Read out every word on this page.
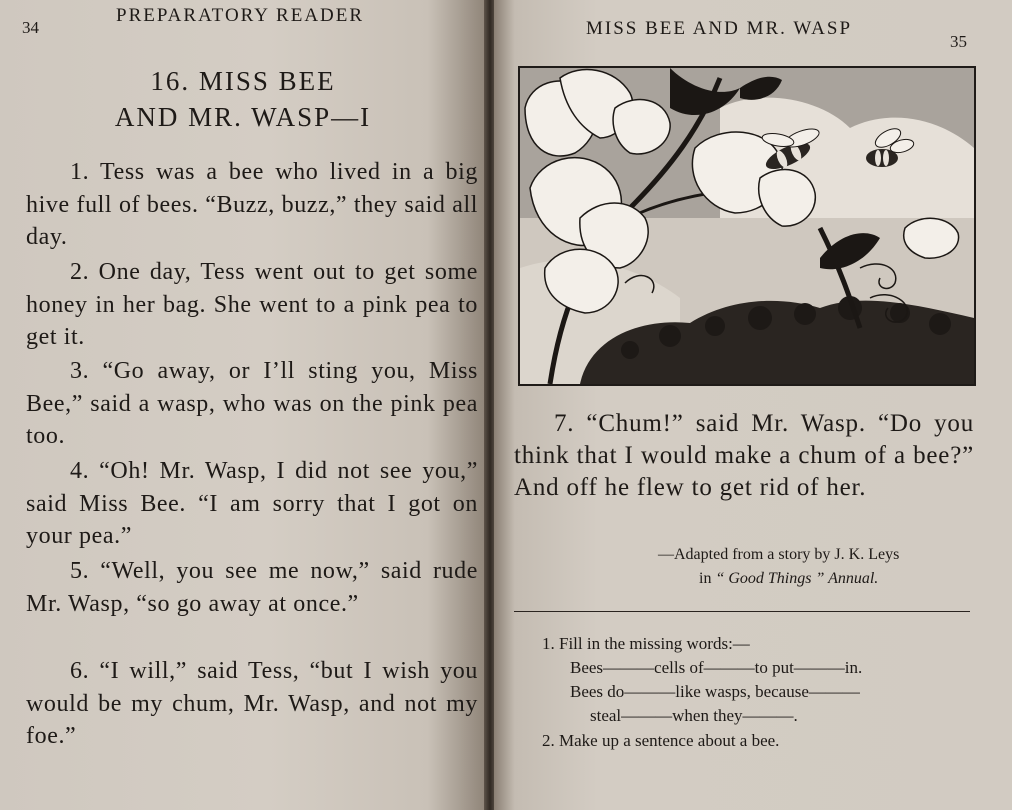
34
PREPARATORY READER
16. MISS BEE
AND MR. WASP—I
1. Tess was a bee who lived in a big hive full of bees. “Buzz, buzz,” they said all day.
2. One day, Tess went out to get some honey in her bag. She went to a pink pea to get it.
3. “Go away, or I’ll sting you, Miss Bee,” said a wasp, who was on the pink pea too.
4. “Oh! Mr. Wasp, I did not see you,” said Miss Bee. “I am sorry that I got on your pea.”
5. “Well, you see me now,” said rude Mr. Wasp, “so go away at once.”
6. “I will,” said Tess, “but I wish you would be my chum, Mr. Wasp, and not my foe.”
MISS BEE AND MR. WASP
35
7. “Chum!” said Mr. Wasp. “Do you think that I would make a chum of a bee?” And off he flew to get rid of her.
—Adapted from a story by J. K. Leys
in “ Good Things ” Annual.
1. Fill in the missing words:—
Bees———cells of———to put———in.
Bees do———like wasps, because———
steal———when they———.
2. Make up a sentence about a bee.
